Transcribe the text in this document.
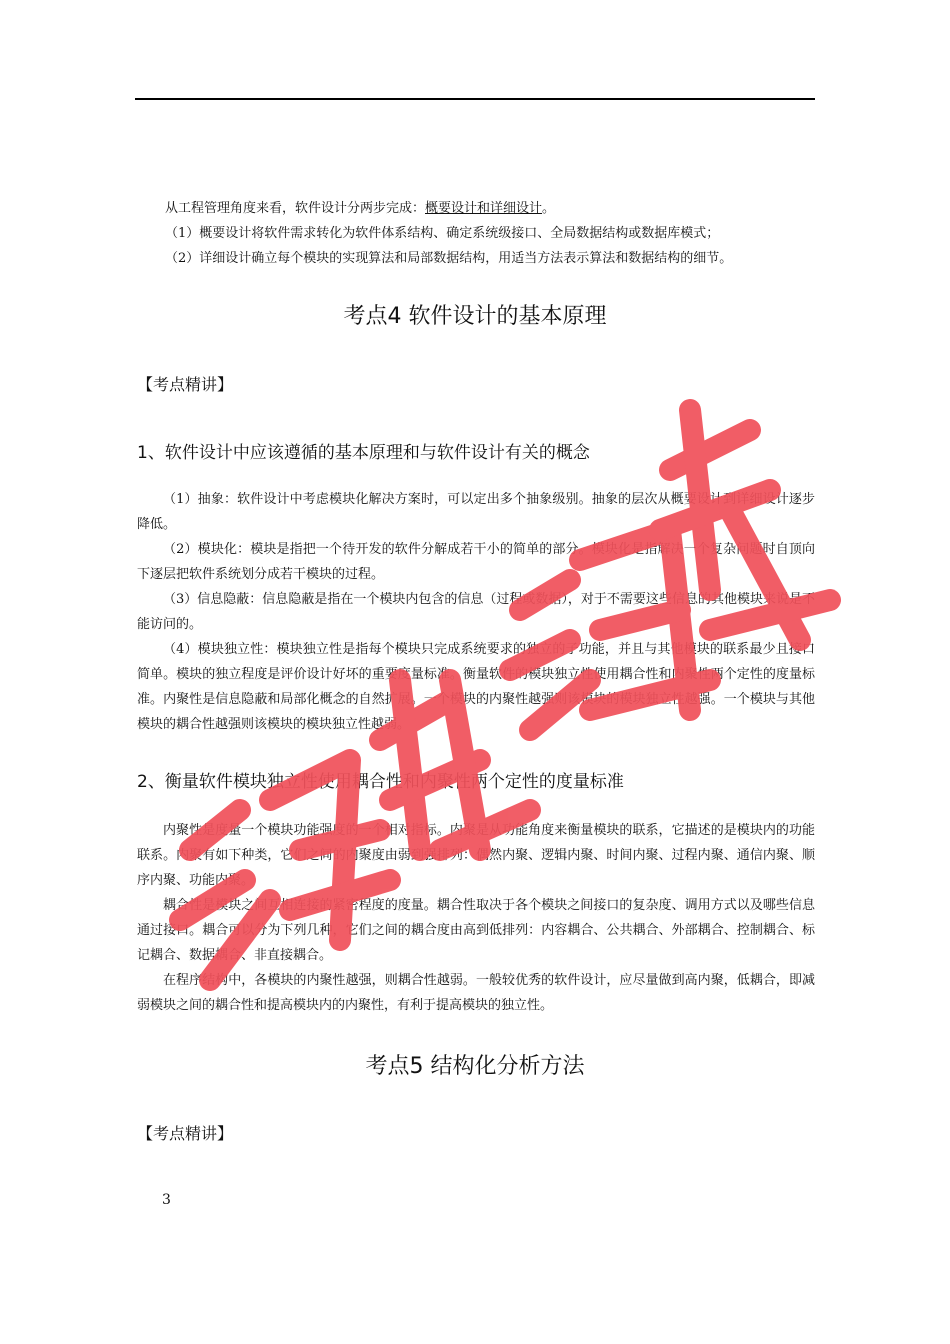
从工程管理角度来看，软件设计分两步完成：概要设计和详细设计。
（1）概要设计将软件需求转化为软件体系结构、确定系统级接口、全局数据结构或数据库模式；
（2）详细设计确立每个模块的实现算法和局部数据结构，用适当方法表示算法和数据结构的细节。
考点4 软件设计的基本原理
【考点精讲】
1、软件设计中应该遵循的基本原理和与软件设计有关的概念

（1）抽象：软件设计中考虑模块化解决方案时，可以定出多个抽象级别。抽象的层次从概要设计到详细设计逐步降低。

（2）模块化：模块是指把一个待开发的软件分解成若干小的简单的部分。模块化是指解决一个复杂问题时自顶向下逐层把软件系统划分成若干模块的过程。

（3）信息隐蔽：信息隐蔽是指在一个模块内包含的信息（过程或数据），对于不需要这些信息的其他模块来说是不能访问的。

（4）模块独立性：模块独立性是指每个模块只完成系统要求的独立的子功能，并且与其他模块的联系最少且接口简单。模块的独立程度是评价设计好坏的重要度量标准。衡量软件的模块独立性使用耦合性和内聚性两个定性的度量标准。内聚性是信息隐蔽和局部化概念的自然扩展。一个模块的内聚性越强则该模块的模块独立性越强。一个模块与其他模块的耦合性越强则该模块的模块独立性越弱。

2、衡量软件模块独立性使用耦合性和内聚性两个定性的度量标准

内聚性是度量一个模块功能强度的一个相对指标。内聚是从功能角度来衡量模块的联系，它描述的是模块内的功能联系。内聚有如下种类，它们之间的内聚度由弱到强排列：偶然内聚、逻辑内聚、时间内聚、过程内聚、通信内聚、顺序内聚、功能内聚。

耦合性是模块之间互相连接的紧密程度的度量。耦合性取决于各个模块之间接口的复杂度、调用方式以及哪些信息通过接口。耦合可以分为下列几种，它们之间的耦合度由高到低排列：内容耦合、公共耦合、外部耦合、控制耦合、标记耦合、数据耦合、非直接耦合。

在程序结构中，各模块的内聚性越强，则耦合性越弱。一般较优秀的软件设计，应尽量做到高内聚，低耦合，即减弱模块之间的耦合性和提高模块内的内聚性，有利于提高模块的独立性。

考点5 结构化分析方法
【考点精讲】
3
